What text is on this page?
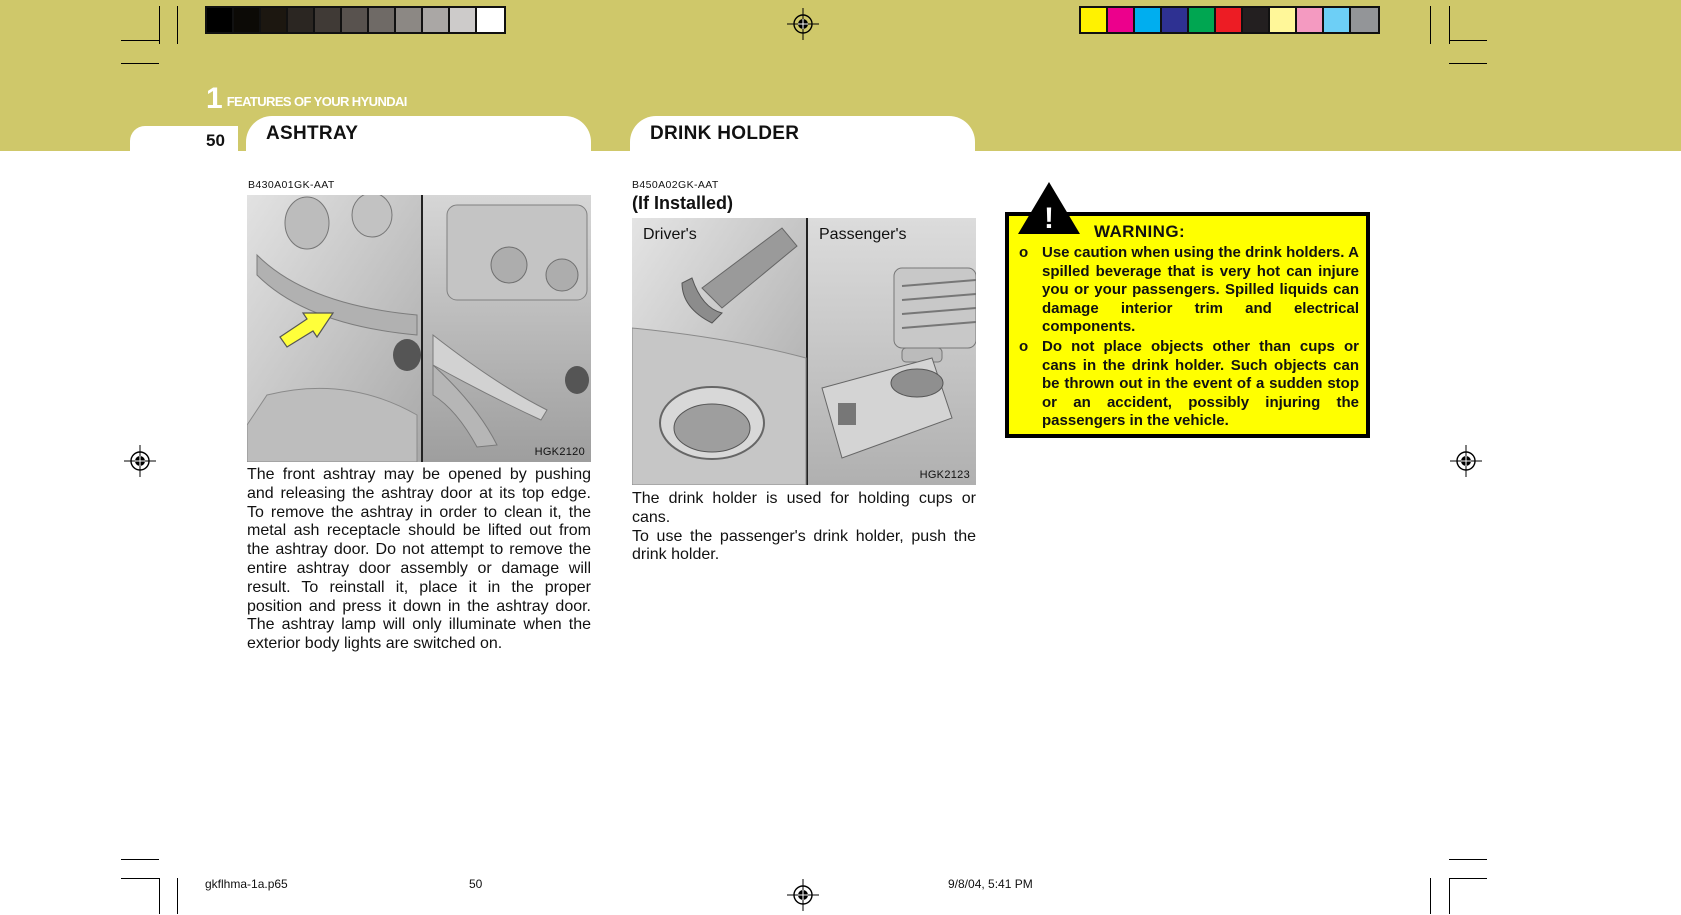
1 FEATURES OF YOUR HYUNDAI
50 ASHTRAY	DRINK HOLDER
B430A01GK-AAT
HGK2120
The front ashtray may be opened by pushing and releasing the ashtray door at its top edge. To remove the ashtray in order to clean it, the metal ash receptacle should be lifted out from the ashtray door. Do not attempt to remove the entire ashtray door assembly or damage will result. To reinstall it, place it in the proper position and press it down in the ashtray door. The ashtray lamp will only illuminate when the exterior body lights are switched on.
B450A02GK-AAT
(If Installed)
Driver's	Passenger's
HGK2123
The drink holder is used for holding cups or cans.
To use the passenger's drink holder, push the drink holder.
WARNING:
o Use caution when using the drink holders. A spilled beverage that is very hot can injure you or your passengers. Spilled liquids can damage interior trim and electrical components.
o Do not place objects other than cups or cans in the drink holder. Such objects can be thrown out in the event of a sudden stop or an accident, possibly injuring the passengers in the vehicle.
!
gkflhma-1a.p65	50	9/8/04, 5:41 PM
